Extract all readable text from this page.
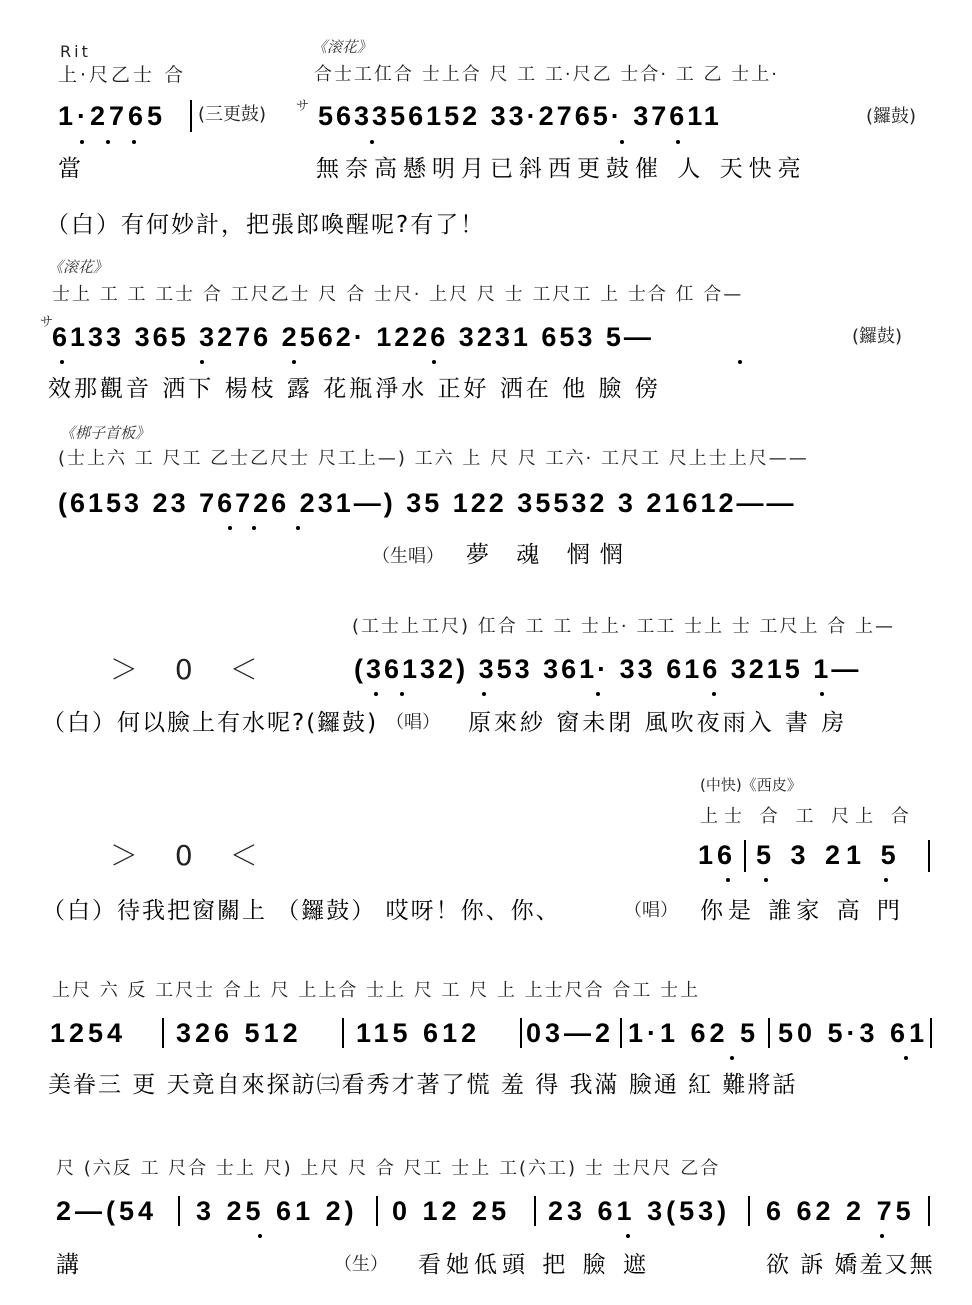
Rit	《滚花》
上·尺乙士 合	合士工仜合 士上合 尺 工 工·尺乙 士合· 工 乙 士上·
1·2765 (三更鼓) サ 563356152 33·2765· 37611	(鑼鼓)
當	無奈高懸明月已斜西更鼓催 人 天快亮
（白）有何妙計，把張郎喚醒呢?有了！
《滚花》
士上 工 工 工士 合 工尺乙士 尺 合 士尺· 上尺 尺 士 工尺工 上 士合 仜 合—
サ
6133 365 3276 2562· 1226 3231 653 5—	(鑼鼓)
效那觀音 洒下 楊枝 露 花瓶淨水 正好 洒在 他 臉 傍
《梆子首板》
(士上六 工 尺工 乙士乙尺士 尺工上—) 工六 上 尺 尺 工六· 工尺工 尺上士上尺——
(6153 23 76726 231—) 35 122 35532 3 21612——
（生唱） 夢 魂 惘惘
(工士上工尺) 仜合 工 工 士上· 工工 士上 士 工尺上 合 上—
＞ 0 ＜	(36132) 353 361· 33 616 3215 1—
（白）何以臉上有水呢?(鑼鼓) （唱） 原來紗 窗未閉 風吹夜雨入 書 房
(中快)《西皮》
上士 合 工 尺上 合
＞ 0 ＜	16 5 3 21 5
（白）待我把窗關上 （鑼鼓） 哎呀！你、你、	（唱） 你是 誰家 高 門
上尺 六 反 工尺士 合上 尺 上上合 士上 尺 工 尺 上 上士尺合 合工 士上
1254 326 512 115 612 03—2 1·1 62 5 50 5·3 61
美眷三 更 天竟自來探訪㈢看秀才著了慌 羞 得 我滿 臉通 紅 難將話
尺 (六反 工 尺合 士上 尺) 上尺 尺 合 尺工 士上 工(六工) 士 士尺尺 乙合
2—(54 3 25 61 2) 0 12 25 23 61 3(53) 6 62 2 75
講	（生） 看她低頭 把 臉 遮	欲 訴 嬌羞又無
